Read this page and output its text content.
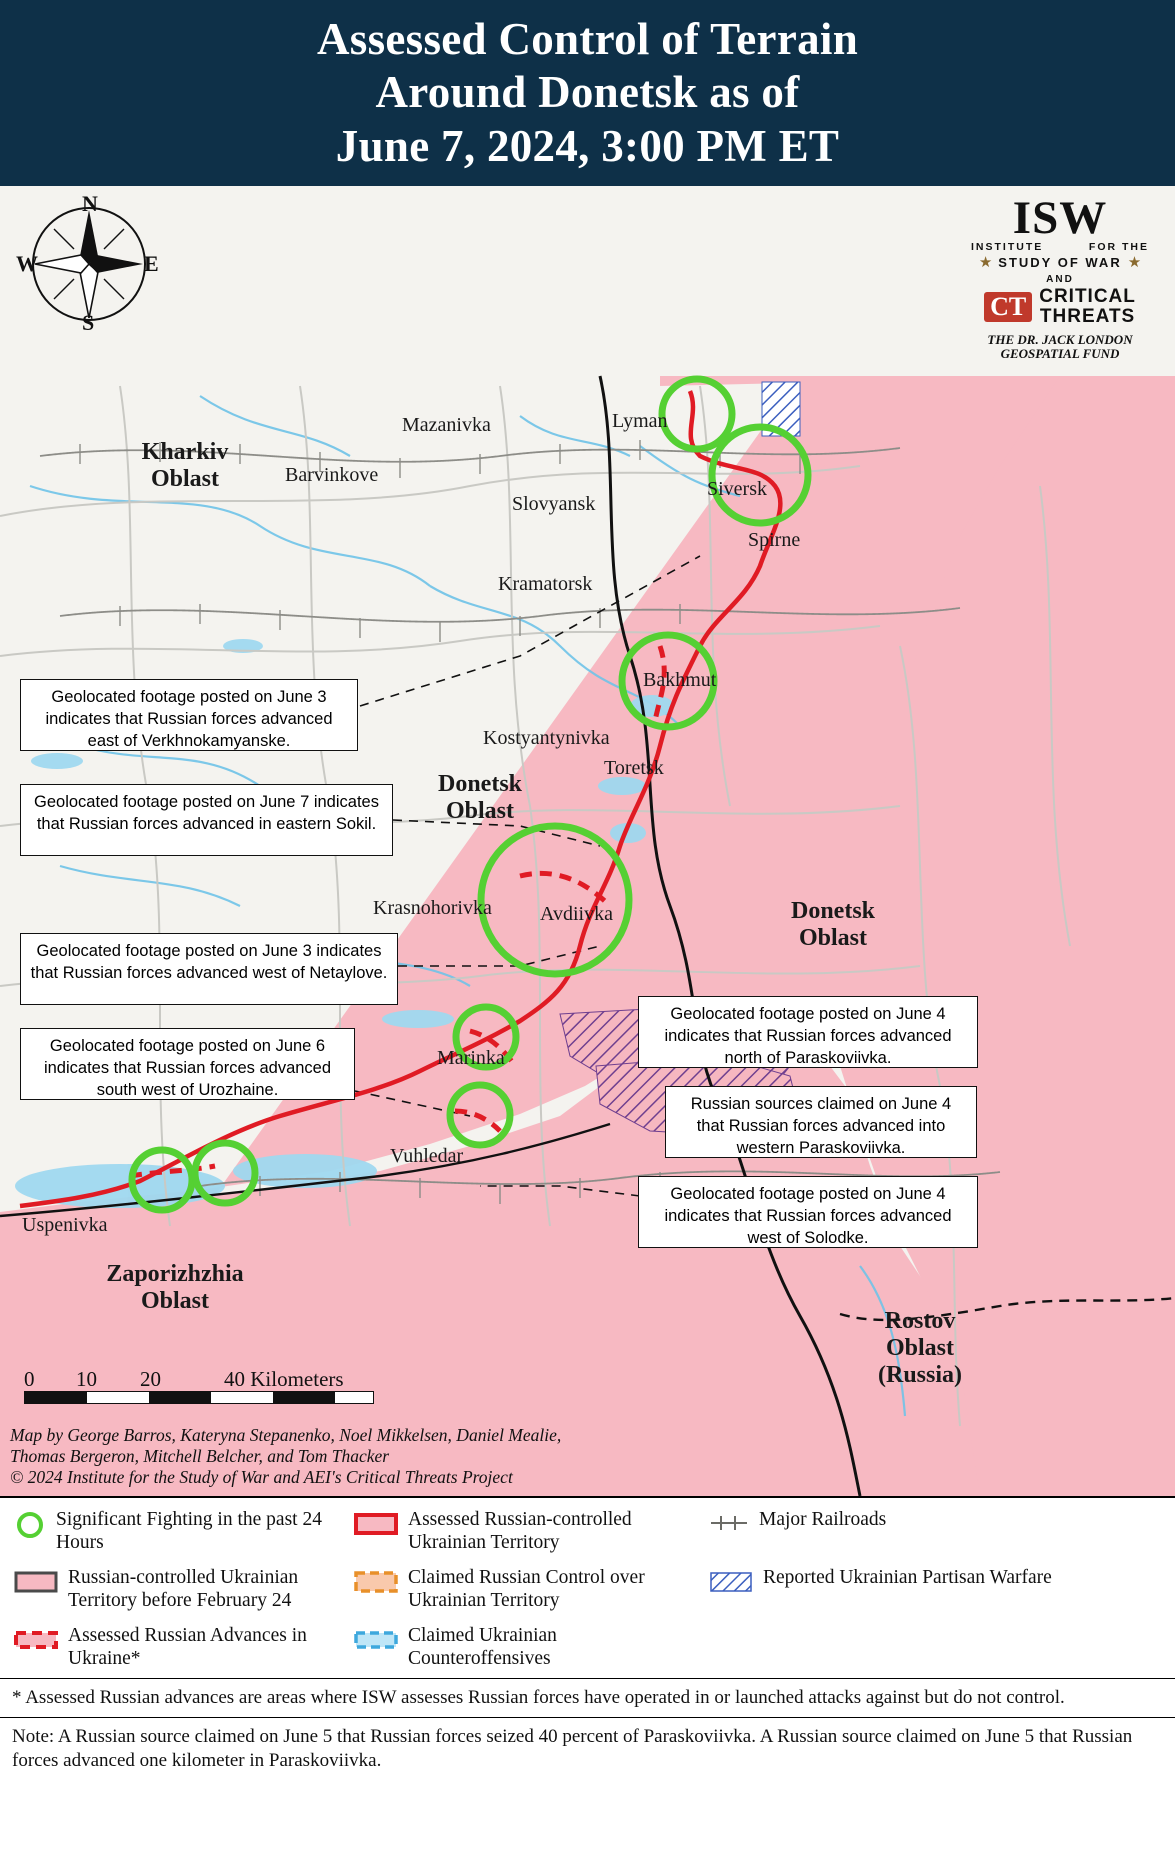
Assessed Control of Terrain
Around Donetsk as of
June 7, 2024, 3:00 PM ET
N
E
S
W
ISW
INSTITUTE	FOR THE
★ STUDY OF WAR ★
AND
CT CRITICAL
THREATS
THE DR. JACK LONDON
GEOSPATIAL FUND
Kharkiv
Oblast
Donetsk
Oblast
Donetsk
Oblast
Zaporizhzhia
Oblast
Rostov
Oblast
(Russia)
Mazanivka	Lyman
Barvinkove
Siversk
Slovyansk
Spirne
Kramatorsk
Bakhmut
Kostyantynivka
Toretsk
Krasnohorivka Avdiivka
Marinka
Vuhledar
Uspenivka
Geolocated footage posted on June 3 indicates that Russian forces advanced east of Verkhnokamyanske.
Geolocated footage posted on June 7 indicates that Russian forces advanced in eastern Sokil.
Geolocated footage posted on June 3 indicates that Russian forces advanced west of Netaylove.
Geolocated footage posted on June 6 indicates that Russian forces advanced south west of Urozhaine.
Geolocated footage posted on June 4 indicates that Russian forces advanced north of Paraskoviivka.
Russian sources claimed on June 4 that Russian forces advanced into western Paraskoviivka.
Geolocated footage posted on June 4 indicates that Russian forces advanced west of Solodke.
0 10 20	40 Kilometers
Map by George Barros, Kateryna Stepanenko, Noel Mikkelsen, Daniel Mealie,
Thomas Bergeron, Mitchell Belcher, and Tom Thacker
© 2024 Institute for the Study of War and AEI's Critical Threats Project
Significant Fighting in the past 24 Hours
Assessed Russian-controlled Ukrainian Territory
Major Railroads
Russian-controlled Ukrainian Territory before February 24
Claimed Russian Control over Ukrainian Territory
Reported Ukrainian Partisan Warfare
Assessed Russian Advances in Ukraine*
Claimed Ukrainian Counteroffensives
* Assessed Russian advances are areas where ISW assesses Russian forces have operated in or launched attacks against but do not control.
Note: A Russian source claimed on June 5 that Russian forces seized 40 percent of Paraskoviivka. A Russian source claimed on June 5 that Russian forces advanced one kilometer in Paraskoviivka.
